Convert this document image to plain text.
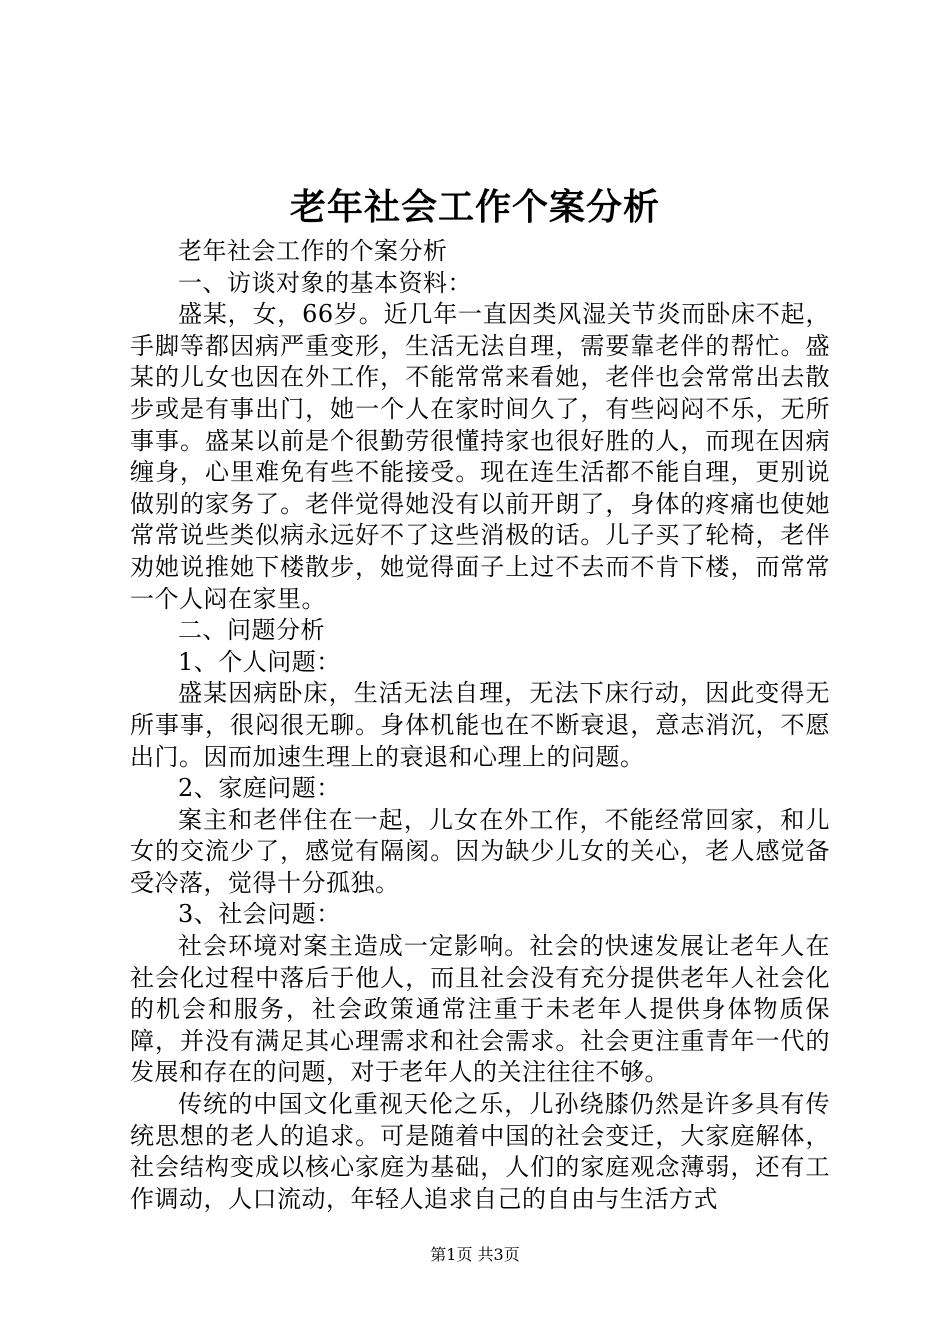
老年社会工作个案分析

老年社会工作的个案分析

一、访谈对象的基本资料：

盛某，女，66岁。近几年一直因类风湿关节炎而卧床不起，手脚等都因病严重变形，生活无法自理，需要靠老伴的帮忙。盛某的儿女也因在外工作，不能常常来看她，老伴也会常常出去散步或是有事出门，她一个人在家时间久了，有些闷闷不乐，无所事事。盛某以前是个很勤劳很懂持家也很好胜的人，而现在因病缠身，心里难免有些不能接受。现在连生活都不能自理，更别说做别的家务了。老伴觉得她没有以前开朗了，身体的疼痛也使她常常说些类似病永远好不了这些消极的话。儿子买了轮椅，老伴劝她说推她下楼散步，她觉得面子上过不去而不肯下楼，而常常一个人闷在家里。

二、问题分析

1、个人问题：

盛某因病卧床，生活无法自理，无法下床行动，因此变得无所事事，很闷很无聊。身体机能也在不断衰退，意志消沉，不愿出门。因而加速生理上的衰退和心理上的问题。

2、家庭问题：

案主和老伴住在一起，儿女在外工作，不能经常回家，和儿女的交流少了，感觉有隔阂。因为缺少儿女的关心，老人感觉备受冷落，觉得十分孤独。

3、社会问题：

社会环境对案主造成一定影响。社会的快速发展让老年人在社会化过程中落后于他人，而且社会没有充分提供老年人社会化的机会和服务，社会政策通常注重于未老年人提供身体物质保障，并没有满足其心理需求和社会需求。社会更注重青年一代的发展和存在的问题，对于老年人的关注往往不够。

传统的中国文化重视天伦之乐，儿孙绕膝仍然是许多具有传统思想的老人的追求。可是随着中国的社会变迁，大家庭解体，社会结构变成以核心家庭为基础，人们的家庭观念薄弱，还有工作调动，人口流动，年轻人追求自己的自由与生活方式

第1页 共3页
